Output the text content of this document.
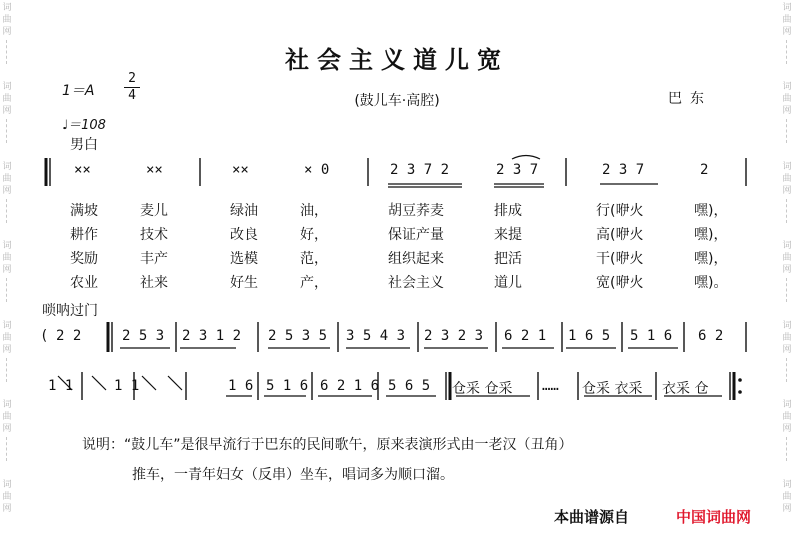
词
曲
网
词
曲
网
词
曲
网
词
曲
网
词
曲
网
词
曲
网
词
曲
网
词
曲
网
词
曲
网
词
曲
网
词
曲
网
词
曲
网
词
曲
网
词
曲
网
社会主义道儿宽
1＝A
2
4	(鼓儿车·高腔)	巴东
♩＝108
男白
××	××	××	× 0	2 3 7 2	2 3 7	2 3 7	2
满坡	麦儿	绿油	油，	胡豆荞麦	排成	行(咿火	嘿)，
耕作	技术	改良	好，	保证产量	来提	高(咿火	嘿)，
奖励	丰产	选模	范，	组织起来	把活	干(咿火	嘿)，
农业	社来	好生	产，	社会主义	道儿	宽(咿火	嘿)。
唢呐过门
( 2 2	2 5 3 2 3 1 2 2 5 3 5 3 5 4 3 2 3 2 3 6 2 1 1 6 5 5 1 6 6 2
1 1	1 1	1 6 5 1 6 6 2 1 6 5 6 5 仓采 仓采 …… 仓采 衣采 衣采 仓
说明：“鼓儿车”是很早流行于巴东的民间歌午，原来表演形式由一老汉（丑角）
推车，一青年妇女（反串）坐车，唱词多为顺口溜。
本曲谱源自	中国词曲网
